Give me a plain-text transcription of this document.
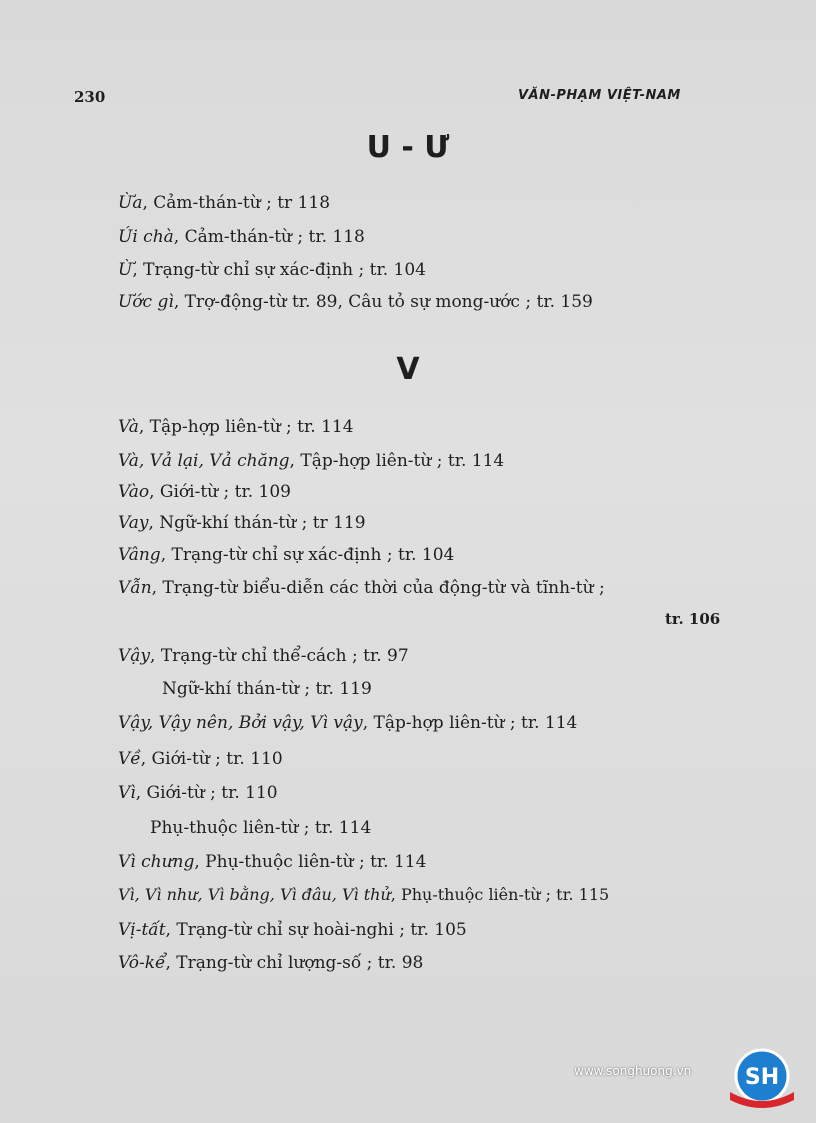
230	VĂN-PHẠM VIỆT-NAM
U - Ư
Ừa, Cảm-thán-từ ; tr 118
Úi chà, Cảm-thán-từ ; tr. 118
Ừ, Trạng-từ chỉ sự xác-định ; tr. 104
Ước gì, Trợ-động-từ tr. 89, Câu tỏ sự mong-ước ; tr. 159
V
Và, Tập-hợp liên-từ ; tr. 114
Và, Vả lại, Vả chăng, Tập-hợp liên-từ ; tr. 114
Vào, Giới-từ ; tr. 109
Vay, Ngữ-khí thán-từ ; tr 119
Vâng, Trạng-từ chỉ sự xác-định ; tr. 104
Vẫn, Trạng-từ biểu-diễn các thời của động-từ và tĩnh-từ ;
tr. 106
Vậy, Trạng-từ chỉ thể-cách ; tr. 97
Ngữ-khí thán-từ ; tr. 119
Vậy, Vậy nên, Bởi vậy, Vì vậy, Tập-hợp liên-từ ; tr. 114
Về, Giới-từ ; tr. 110
Vì, Giới-từ ; tr. 110
Phụ-thuộc liên-từ ; tr. 114
Vì chưng, Phụ-thuộc liên-từ ; tr. 114
Vì, Vì như, Vì bằng, Vì đâu, Vì thử, Phụ-thuộc liên-từ ; tr. 115
Vị-tất, Trạng-từ chỉ sự hoài-nghi ; tr. 105
Vô-kể, Trạng-từ chỉ lượng-số ; tr. 98
www.songhuong.vn SH
